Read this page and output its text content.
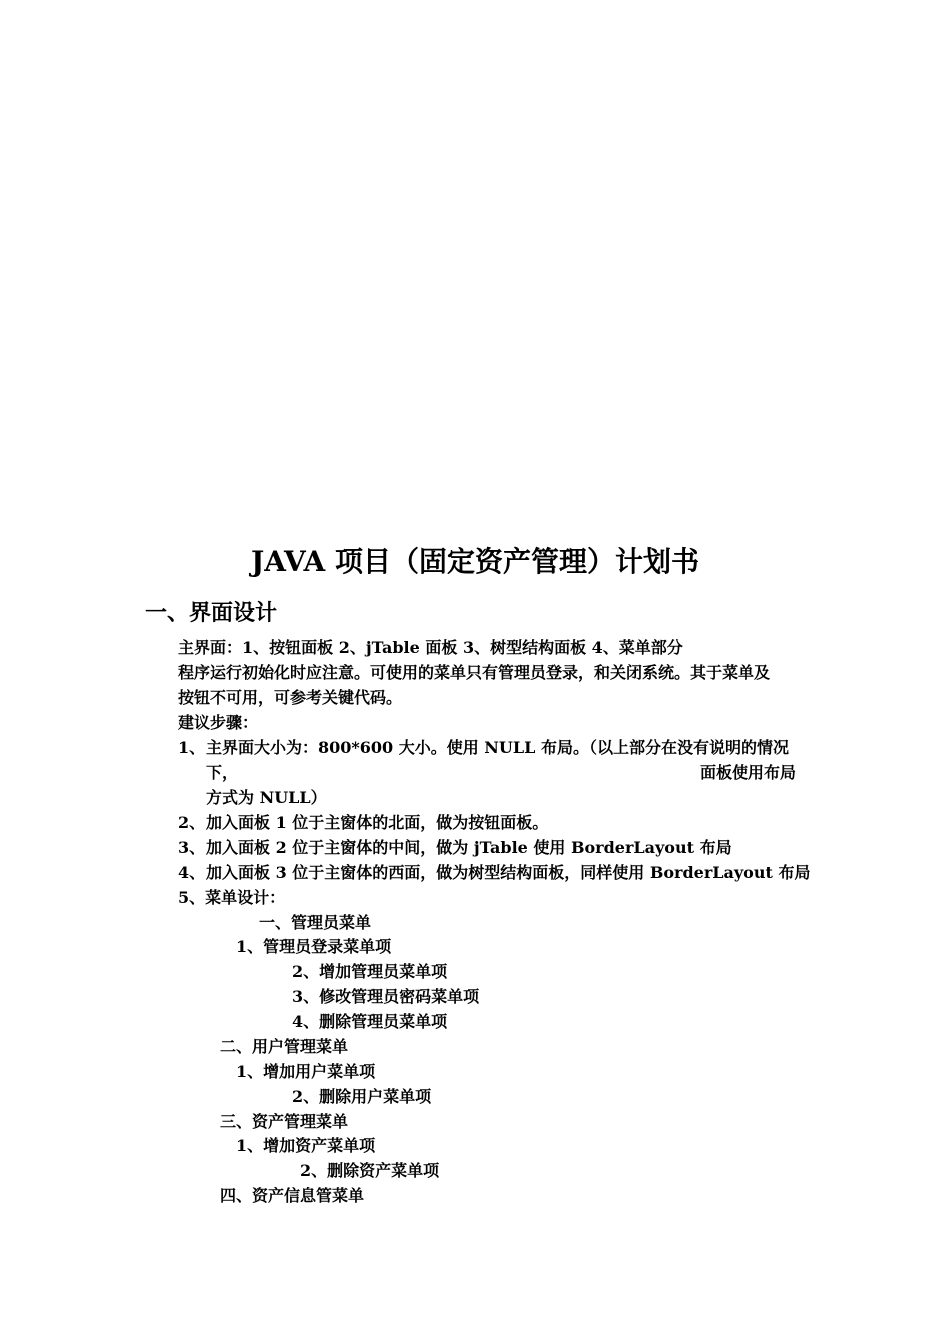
JAVA 项目（固定资产管理）计划书
一、界面设计
主界面：1、按钮面板 2、jTable 面板 3、树型结构面板 4、菜单部分
程序运行初始化时应注意。可使用的菜单只有管理员登录，和关闭系统。其于菜单及
按钮不可用，可参考关键代码。
建议步骤：
1、 主界面大小为：800*600 大小。使用 NULL 布局。（以上部分在没有说明的情况
下，	面板使用布局
方式为 NULL）
2、 加入面板 1 位于主窗体的北面，做为按钮面板。
3、 加入面板 2 位于主窗体的中间，做为 jTable 使用 BorderLayout 布局
4、 加入面板 3 位于主窗体的西面，做为树型结构面板，同样使用 BorderLayout 布局
5、菜单设计：
一、管理员菜单
1、管理员登录菜单项
2、增加管理员菜单项
3、修改管理员密码菜单项
4、删除管理员菜单项
二、用户管理菜单
1、增加用户菜单项
2、删除用户菜单项
三、资产管理菜单
1、增加资产菜单项
2、删除资产菜单项
四、资产信息管菜单
